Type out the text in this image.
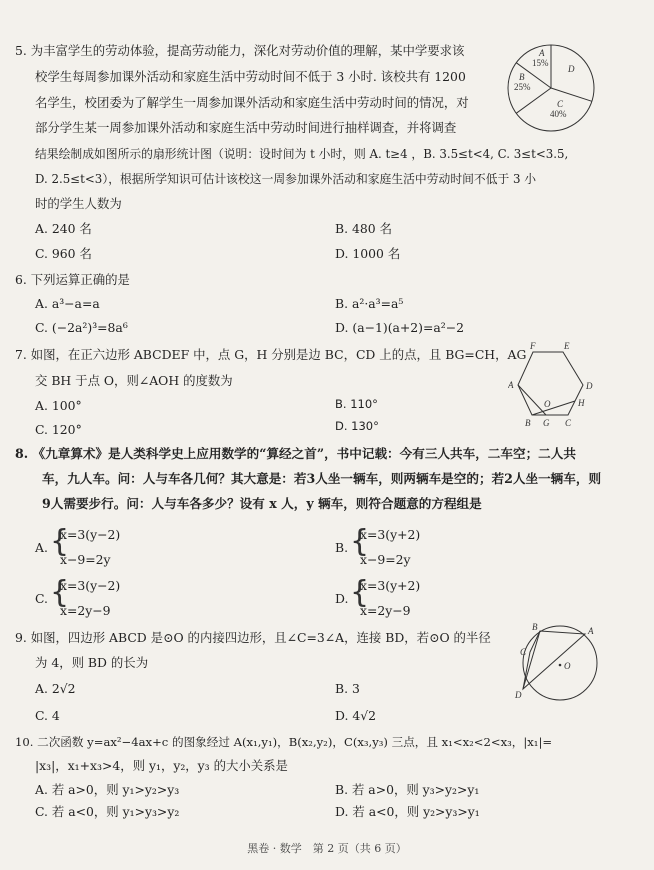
5. 为丰富学生的劳动体验，提高劳动能力，深化对劳动价值的理解，某中学要求该
校学生每周参加课外活动和家庭生活中劳动时间不低于 3 小时. 该校共有 1200
名学生，校团委为了解学生一周参加课外活动和家庭生活中劳动时间的情况，对
部分学生某一周参加课外活动和家庭生活中劳动时间进行抽样调查，并将调查
结果绘制成如图所示的扇形统计图（说明：设时间为 t 小时，则 A. t≥4 ，B. 3.5≤t<4, C. 3≤t<3.5,
D. 2.5≤t<3），根据所学知识可估计该校这一周参加课外活动和家庭生活中劳动时间不低于 3 小
时的学生人数为
A. 240 名	B. 480 名
C. 960 名	D. 1000 名
A
15%
D
B
25%
C
40%
6. 下列运算正确的是
A. a³−a=a	B. a²·a³=a⁵
C. (−2a²)³=8a⁶	D. (a−1)(a+2)=a²−2
7. 如图，在正六边形 ABCDEF 中，点 G，H 分别是边 BC，CD 上的点，且 BG=CH，AG
交 BH 于点 O，则∠AOH 的度数为
A. 100°	B. 110°
C. 120°	D. 130°
F	E
A	D
H
O
B G C
8. 《九章算术》是人类科学史上应用数学的“算经之首”，书中记载：今有三人共车，二车空；二人共
车，九人车。问：人与车各几何？其大意是：若3人坐一辆车，则两辆车是空的；若2人坐一辆车，则
9人需要步行。问：人与车各多少？设有 x 人，y 辆车，则符合题意的方程组是
A. {
x=3(y−2)
x−9=2y
B. {
x=3(y+2)
x−9=2y
C. {
x=3(y−2)
x=2y−9
D. {
x=3(y+2)
x=2y−9
9. 如图，四边形 ABCD 是⊙O 的内接四边形，且∠C=3∠A，连接 BD，若⊙O 的半径
为 4，则 BD 的长为
A. 2√2	B. 3
C. 4	D. 4√2
O
B	A
C
D
10. 二次函数 y=ax²−4ax+c 的图象经过 A(x₁,y₁)，B(x₂,y₂)，C(x₃,y₃) 三点，且 x₁<x₂<2<x₃，|x₁|=
|x₃|，x₁+x₃>4，则 y₁，y₂，y₃ 的大小关系是
A. 若 a>0，则 y₁>y₂>y₃	B. 若 a>0，则 y₃>y₂>y₁
C. 若 a<0，则 y₁>y₃>y₂	D. 若 a<0，则 y₂>y₃>y₁
黑卷 · 数学　第 2 页（共 6 页）
